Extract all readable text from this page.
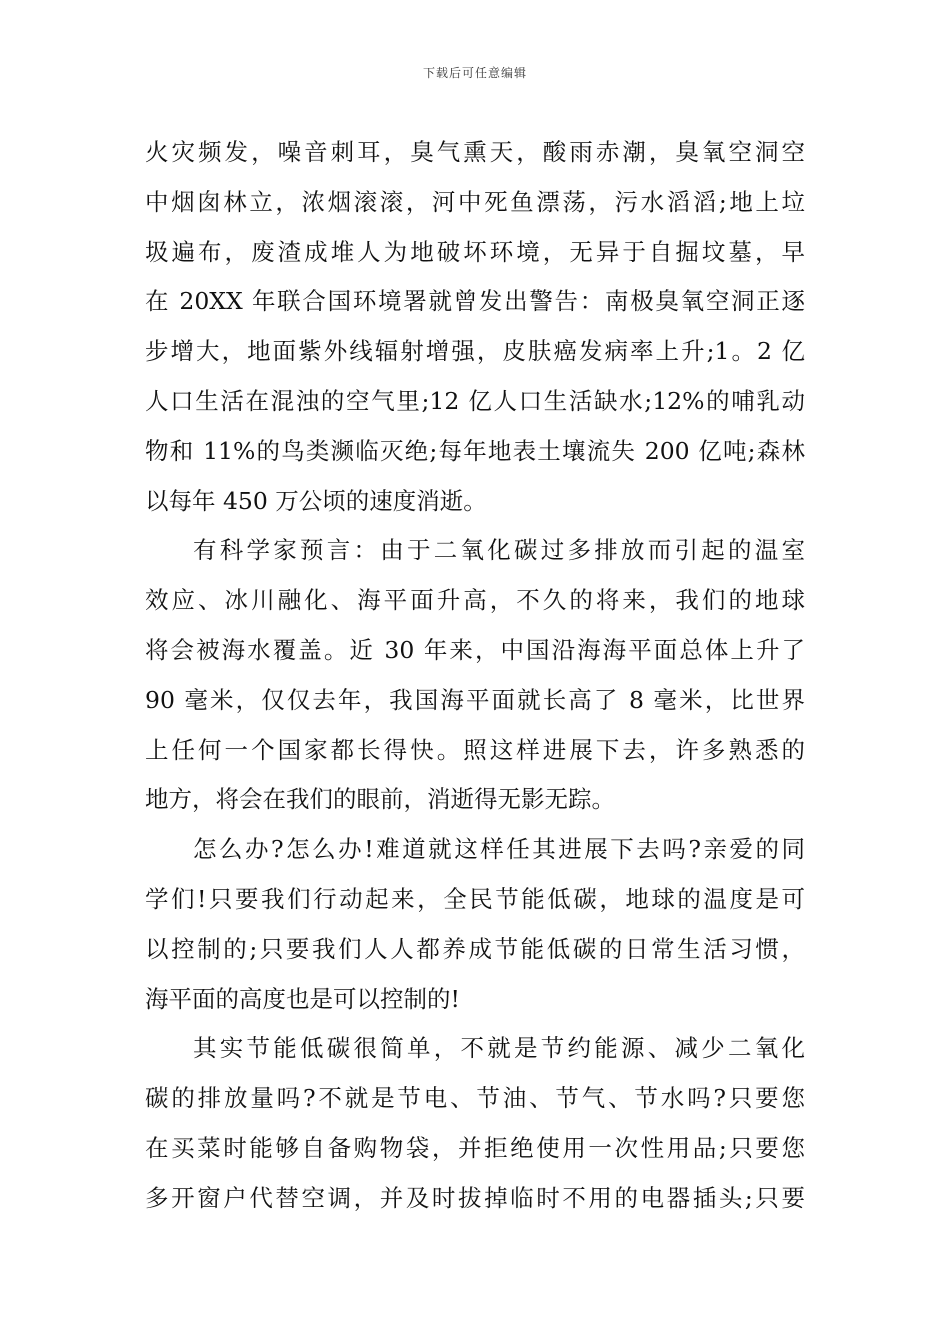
下载后可任意编辑
火灾频发，噪音刺耳，臭气熏天，酸雨赤潮，臭氧空洞空
中烟囱林立，浓烟滚滚，河中死鱼漂荡，污水滔滔;地上垃
圾遍布，废渣成堆人为地破坏环境，无异于自掘坟墓，早
在 20XX 年联合国环境署就曾发出警告：南极臭氧空洞正逐
步增大，地面紫外线辐射增强，皮肤癌发病率上升;1。2 亿
人口生活在混浊的空气里;12 亿人口生活缺水;12%的哺乳动
物和 11%的鸟类濒临灭绝;每年地表土壤流失 200 亿吨;森林
以每年 450 万公顷的速度消逝。
有科学家预言：由于二氧化碳过多排放而引起的温室
效应、冰川融化、海平面升高，不久的将来，我们的地球
将会被海水覆盖。近 30 年来，中国沿海海平面总体上升了
90 毫米，仅仅去年，我国海平面就长高了 8 毫米，比世界
上任何一个国家都长得快。照这样进展下去，许多熟悉的
地方，将会在我们的眼前，消逝得无影无踪。
怎么办?怎么办!难道就这样任其进展下去吗?亲爱的同
学们!只要我们行动起来，全民节能低碳，地球的温度是可
以控制的;只要我们人人都养成节能低碳的日常生活习惯，
海平面的高度也是可以控制的!
其实节能低碳很简单，不就是节约能源、减少二氧化
碳的排放量吗?不就是节电、节油、节气、节水吗?只要您
在买菜时能够自备购物袋，并拒绝使用一次性用品;只要您
多开窗户代替空调，并及时拔掉临时不用的电器插头;只要
